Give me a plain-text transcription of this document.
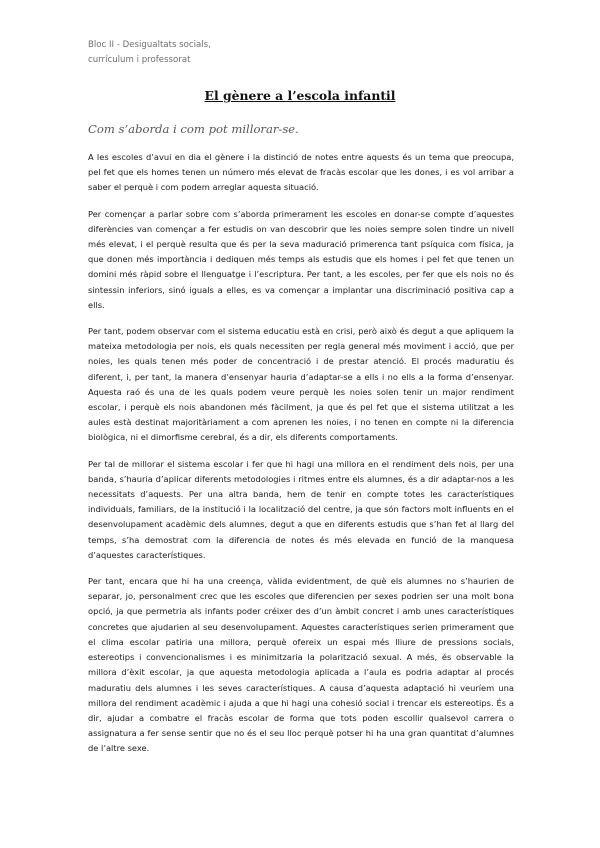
Bloc II - Desigualtats socials,
currículum i professorat
El gènere a l’escola infantil
Com s’aborda i com pot millorar-se.

A les escoles d’avui en dia el gènere i la distinció de notes entre aquests és un tema que preocupa, pel fet que els homes tenen un número més elevat de fracàs escolar que les dones, i es vol arribar a saber el perquè i com podem arreglar aquesta situació.

Per començar a parlar sobre com s’aborda primerament les escoles en donar-se compte d’aquestes diferències van començar a fer estudis on van descobrir que les noies sempre solen tindre un nivell més elevat, i el perquè resulta que és per la seva maduració primerenca tant psíquica com física, ja que donen més importància i dediquen més temps als estudis que els homes i pel fet que tenen un domini més ràpid sobre el llenguatge i l’escriptura. Per tant, a les escoles, per fer que els nois no és sintessin inferiors, sinó iguals a elles, es va començar a implantar una discriminació positiva cap a ells.

Per tant, podem observar com el sistema educatiu està en crisi, però això és degut a que apliquem la mateixa metodologia per nois, els quals necessiten per regla general més moviment i acció, que per noies, les quals tenen més poder de concentració i de prestar atenció. El procés maduratiu és diferent, i, per tant, la manera d’ensenyar hauria d’adaptar-se a ells i no ells a la forma d’ensenyar. Aquesta raó és una de les quals podem veure perquè les noies solen tenir un major rendiment escolar, i perquè els nois abandonen més fàcilment, ja que és pel fet que el sistema utilitzat a les aules està destinat majoritàriament a com aprenen les noies, i no tenen en compte ni la diferencia biològica, ni el dimorfisme cerebral, és a dir, els diferents comportaments.

Per tal de millorar el sistema escolar i fer que hi hagi una millora en el rendiment dels nois, per una banda, s’hauria d’aplicar diferents metodologies i ritmes entre els alumnes, és a dir adaptar-nos a les necessitats d’aquests. Per una altra banda, hem de tenir en compte totes les característiques individuals, familiars, de la institució i la localització del centre, ja que són factors molt influents en el desenvolupament acadèmic dels alumnes, degut a que en diferents estudis que s’han fet al llarg del temps, s’ha demostrat com la diferencia de notes és més elevada en funció de la manquesa d’aquestes característiques.

Per tant, encara que hi ha una creença, vàlida evidentment, de què els alumnes no s’haurien de separar, jo, personalment crec que les escoles que diferencien per sexes podrien ser una molt bona opció, ja que permetria als infants poder créixer des d’un àmbit concret i amb unes característiques concretes que ajudarien al seu desenvolupament. Aquestes característiques serien primerament que el clima escolar patiria una millora, perquè ofereix un espai més lliure de pressions socials, estereotips i convencionalismes i es minimitzaria la polarització sexual. A més, és observable la millora d’èxit escolar, ja que aquesta metodologia aplicada a l’aula es podria adaptar al procés maduratiu dels alumnes i les seves característiques. A causa d’aquesta adaptació hi veuríem una millora del rendiment acadèmic i ajuda a que hi hagi una cohesió social i trencar els estereotips. És a dir, ajudar a combatre el fracàs escolar de forma que tots poden escollir qualsevol carrera o assignatura a fer sense sentir que no és el seu lloc perquè potser hi ha una gran quantitat d’alumnes de l’altre sexe.
